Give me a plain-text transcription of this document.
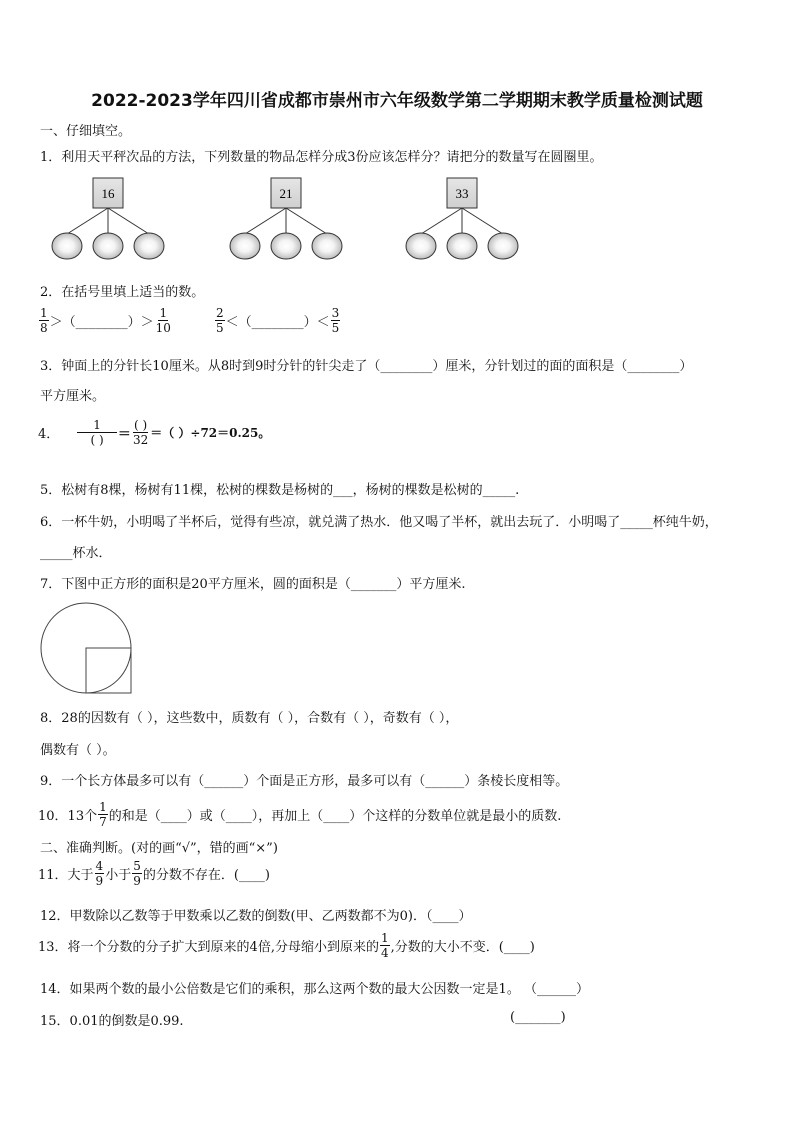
2022-2023学年四川省成都市崇州市六年级数学第二学期期末教学质量检测试题
一、仔细填空。
1．利用天平秤次品的方法，下列数量的物品怎样分成3份应该怎样分？请把分的数量写在圆圈里。
16	21	33
2．在括号里填上适当的数。
$\frac{1}{8}$ ＞（________）＞ $\frac{1}{10}$	$\frac{2}{5}$ ＜（________）＜ $\frac{3}{5}$
3．钟面上的分针长10厘米。从8时到9时分针的针尖走了（________）厘米，分针划过的面的面积是（________）
平方厘米。
4． $\frac{1}{( )} = \frac{( )}{32}$ ＝（ ）÷72＝0.25。
5．松树有8棵，杨树有11棵，松树的棵数是杨树的___，杨树的棵数是松树的_____.
6．一杯牛奶，小明喝了半杯后，觉得有些凉，就兑满了热水．他又喝了半杯，就出去玩了．小明喝了_____杯纯牛奶，
_____杯水．
7．下图中正方形的面积是20平方厘米，圆的面积是（_______）平方厘米.
8．28的因数有（ ），这些数中，质数有（ ），合数有（ ），奇数有（ ），
偶数有（ ）。
9．一个长方体最多可以有（______）个面是正方形，最多可以有（______）条棱长度相等。
10．13个 $\frac{1}{7}$ 的和是（____）或（____），再加上（____）个这样的分数单位就是最小的质数.
二、准确判断。(对的画“√”，错的画“×”)
11．大于 $\frac{4}{9}$ 小于 $\frac{5}{9}$ 的分数不存在．(____)
12．甲数除以乙数等于甲数乘以乙数的倒数(甲、乙两数都不为0)．（____）
13．将一个分数的分子扩大到原来的4倍,分母缩小到原来的 $\frac{1}{4}$ ,分数的大小不变．(____)
14．如果两个数的最小公倍数是它们的乘积，那么这两个数的最大公因数一定是1。 （______）
15．0.01的倒数是0.99.	(_______)
